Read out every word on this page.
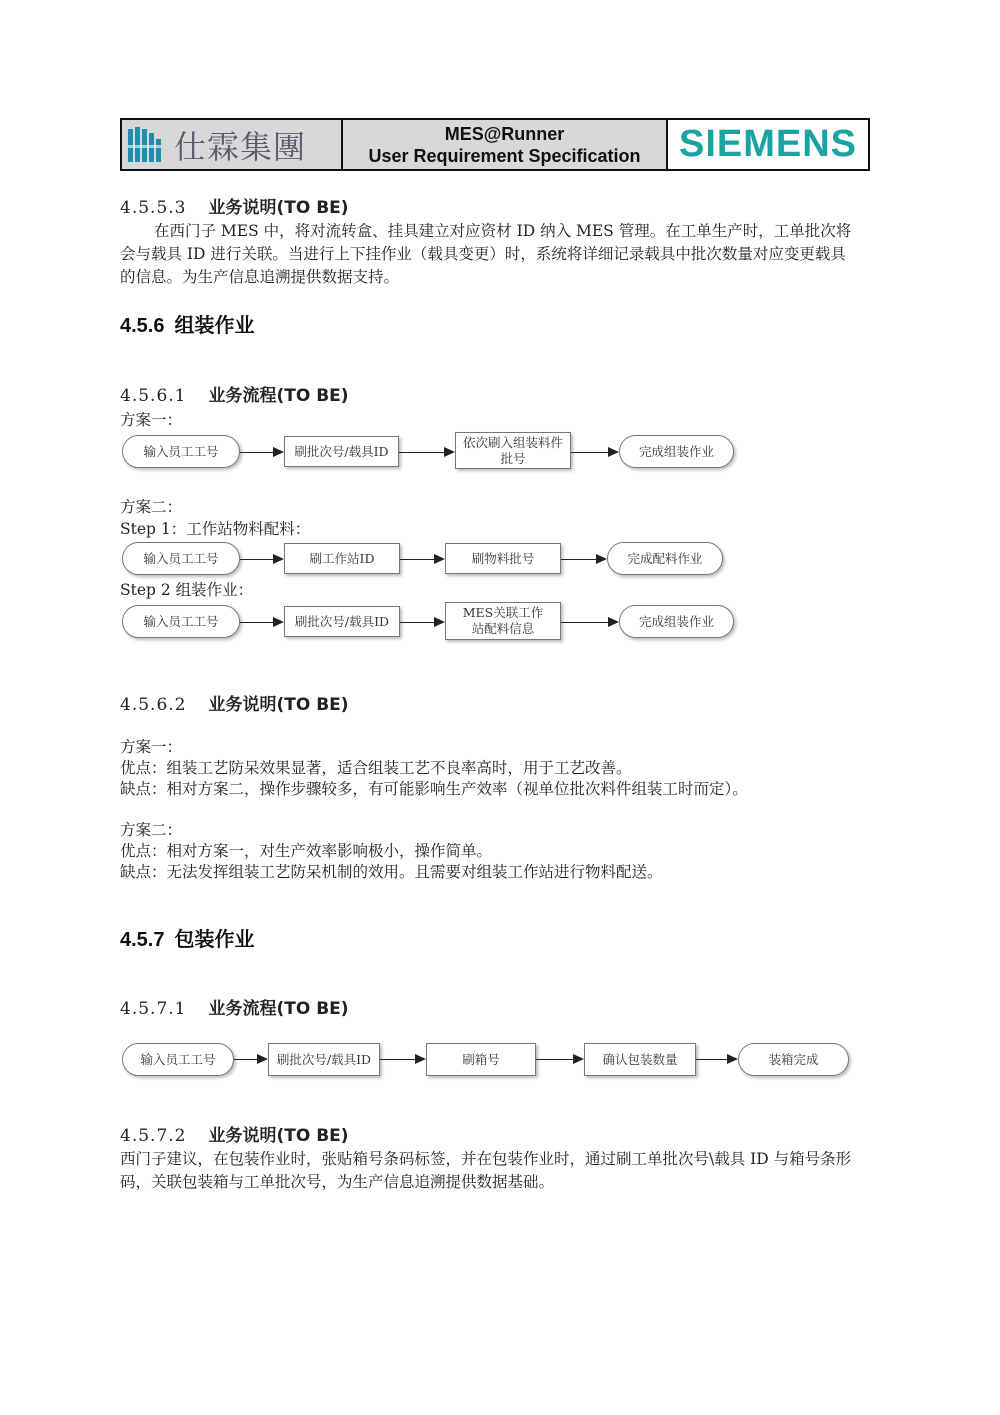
仕霖集團	MES@Runner
User Requirement Specification SIEMENS
4.5.5.3 业务说明(TO BE)
在西门子 MES 中，将对流转盒、挂具建立对应资材 ID 纳入 MES 管理。在工单生产时，工单批次将会与载具 ID 进行关联。当进行上下挂作业（载具变更）时，系统将详细记录载具中批次数量对应变更载具的信息。为生产信息追溯提供数据支持。
4.5.6 组装作业
4.5.6.1 业务流程(TO BE)
方案一：
输入员工工号	刷批次号/载具ID
依次刷入组装料件批号	完成组装作业
方案二：
Step 1：工作站物料配料：
输入员工工号	刷工作站ID	刷物料批号	完成配料作业
Step 2 组装作业：
输入员工工号	刷批次号/载具ID
MES关联工作站配料信息	完成组装作业
4.5.6.2 业务说明(TO BE)
方案一：
优点：组装工艺防呆效果显著，适合组装工艺不良率高时，用于工艺改善。
缺点：相对方案二，操作步骤较多，有可能影响生产效率（视单位批次料件组装工时而定）。
方案二：
优点：相对方案一，对生产效率影响极小，操作简单。
缺点：无法发挥组装工艺防呆机制的效用。且需要对组装工作站进行物料配送。
4.5.7 包装作业
4.5.7.1 业务流程(TO BE)
输入员工工号	刷批次号/载具ID	刷箱号	确认包装数量	装箱完成
4.5.7.2 业务说明(TO BE)
西门子建议，在包装作业时，张贴箱号条码标签，并在包装作业时，通过刷工单批次号\载具 ID 与箱号条形码，关联包装箱与工单批次号，为生产信息追溯提供数据基础。
